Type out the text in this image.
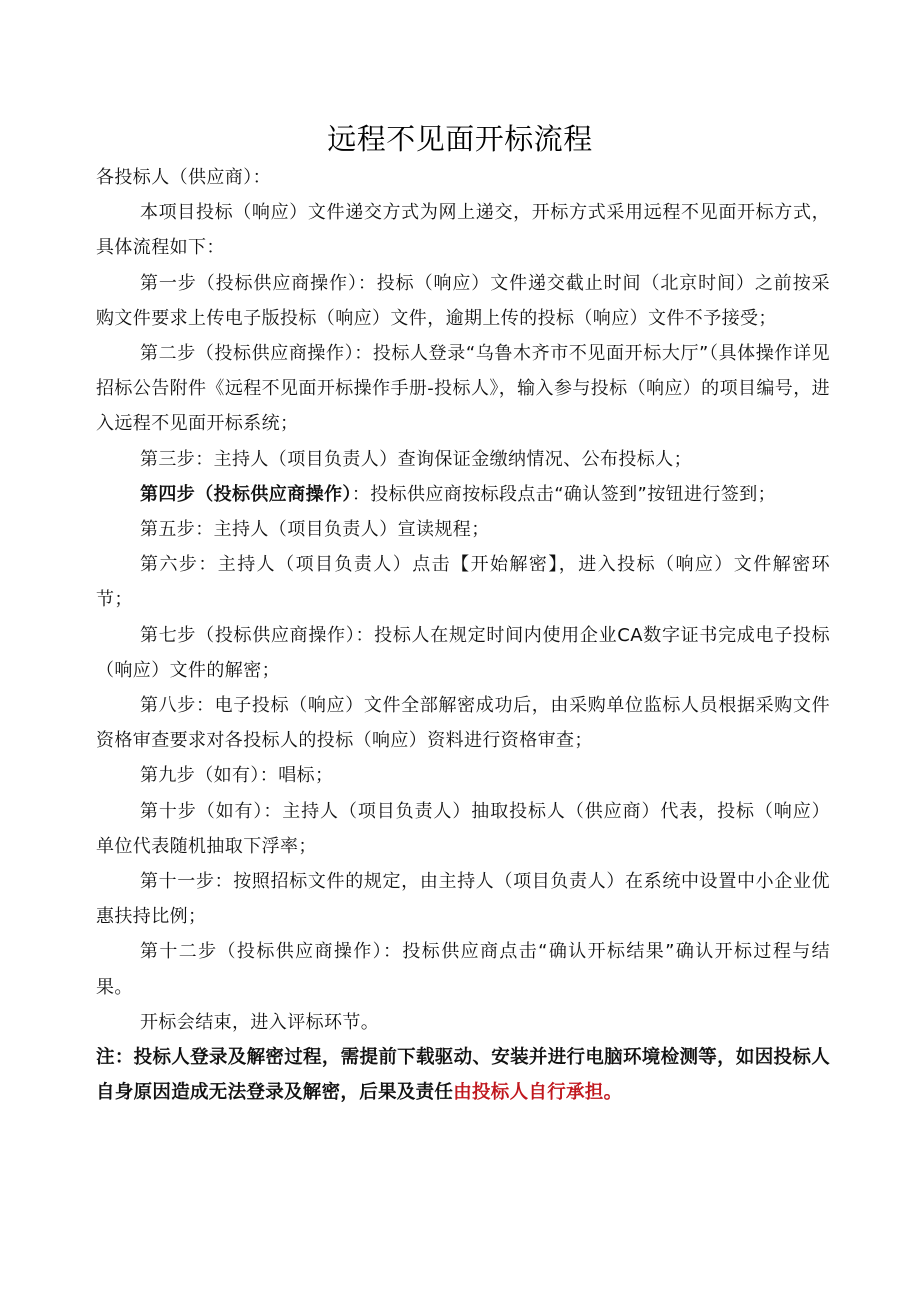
远程不见面开标流程

各投标人（供应商）：

本项目投标（响应）文件递交方式为网上递交，开标方式采用远程不见面开标方式，具体流程如下：

第一步（投标供应商操作）：投标（响应）文件递交截止时间（北京时间）之前按采购文件要求上传电子版投标（响应）文件，逾期上传的投标（响应）文件不予接受；

第二步（投标供应商操作）：投标人登录“乌鲁木齐市不见面开标大厅”（具体操作详见招标公告附件《远程不见面开标操作手册-投标人》，输入参与投标（响应）的项目编号，进入远程不见面开标系统；

第三步：主持人（项目负责人）查询保证金缴纳情况、公布投标人；

第四步（投标供应商操作）：投标供应商按标段点击“确认签到”按钮进行签到；

第五步：主持人（项目负责人）宣读规程；

第六步：主持人（项目负责人）点击【开始解密】，进入投标（响应）文件解密环节；

第七步（投标供应商操作）：投标人在规定时间内使用企业CA数字证书完成电子投标（响应）文件的解密；

第八步：电子投标（响应）文件全部解密成功后，由采购单位监标人员根据采购文件资格审查要求对各投标人的投标（响应）资料进行资格审查；

第九步（如有）：唱标；

第十步（如有）：主持人（项目负责人）抽取投标人（供应商）代表，投标（响应）单位代表随机抽取下浮率；

第十一步：按照招标文件的规定，由主持人（项目负责人）在系统中设置中小企业优惠扶持比例；

第十二步（投标供应商操作）：投标供应商点击“确认开标结果”确认开标过程与结果。

开标会结束，进入评标环节。

注：投标人登录及解密过程，需提前下载驱动、安装并进行电脑环境检测等，如因投标人自身原因造成无法登录及解密，后果及责任由投标人自行承担。
